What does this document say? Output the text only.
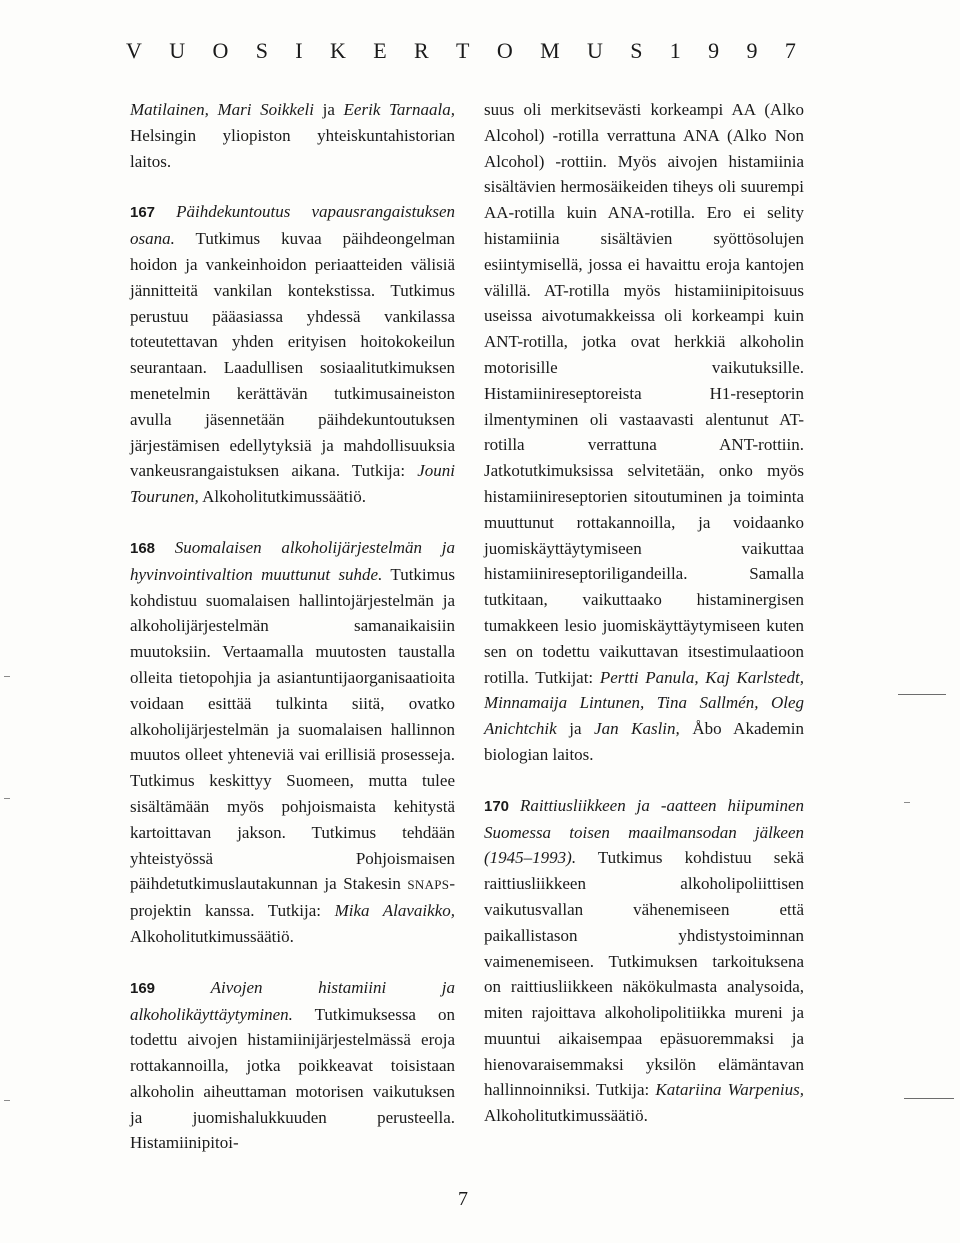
V U O S I K E R T O M U S 1 9 9 7

Matilainen, Mari Soikkeli ja Eerik Tarnaala, Helsingin yliopiston yhteiskuntahistorian laitos.

167 Päihdekuntoutus vapausrangaistuksen osana. Tutkimus kuvaa päihdeongelman hoidon ja vankeinhoidon periaatteiden välisiä jännitteitä vankilan kontekstissa. Tutkimus perustuu pääasiassa yhdessä vankilassa toteutettavan yhden erityisen hoitokokeilun seurantaan. Laadullisen sosiaalitutkimuksen menetelmin kerättävän tutkimusaineiston avulla jäsennetään päihdekuntoutuksen järjestämisen edellytyksiä ja mahdollisuuksia vankeusrangaistuksen aikana. Tutkija: Jouni Tourunen, Alkoholitutkimussäätiö.

168 Suomalaisen alkoholijärjestelmän ja hyvinvointivaltion muuttunut suhde. Tutkimus kohdistuu suomalaisen hallintojärjestelmän ja alkoholijärjestelmän samanaikaisiin muutoksiin. Vertaamalla muutosten taustalla olleita tietopohjia ja asiantuntijaorganisaatioita voidaan esittää tulkinta siitä, ovatko alkoholijärjestelmän ja suomalaisen hallinnon muutos olleet yhteneviä vai erillisiä prosesseja. Tutkimus keskittyy Suomeen, mutta tulee sisältämään myös pohjoismaista kehitystä kartoittavan jakson. Tutkimus tehdään yhteistyössä Pohjoismaisen päihdetutkimuslautakunnan ja Stakesin SNAPS-projektin kanssa. Tutkija: Mika Alavaikko, Alkoholitutkimussäätiö.

169	Aivojen histamiini ja alkoholikäyttäytyminen. Tutkimuksessa on todettu aivojen histamiinijärjestelmässä eroja rottakannoilla, jotka poikkeavat toisistaan alkoholin aiheuttaman motorisen vaikutuksen ja juomishalukkuuden perusteella. Histamiinipitoi-

suus oli merkitsevästi korkeampi AA (Alko Alcohol) -rotilla verrattuna ANA (Alko Non Alcohol) -rottiin. Myös aivojen histamiinia sisältävien hermosäikeiden tiheys oli suurempi AA-rotilla kuin ANA-rotilla. Ero ei selity histamiinia sisältävien syöttösolujen esiintymisellä, jossa ei havaittu eroja kantojen välillä. AT-rotilla myös histamiinipitoisuus useissa aivotumakkeissa oli korkeampi kuin ANT-rotilla, jotka ovat herkkiä alkoholin motorisille vaikutuksille. Histamiinireseptoreista H1-reseptorin ilmentyminen oli vastaavasti alentunut AT-rotilla verrattuna ANT-rottiin. Jatkotutkimuksissa selvitetään, onko myös histamiinireseptorien sitoutuminen ja toiminta muuttunut rottakannoilla, ja voidaanko juomiskäyttäytymiseen vaikuttaa histamiinireseptoriligandeilla. Samalla tutkitaan, vaikuttaako histaminergisen tumakkeen lesio juomiskäyttäytymiseen kuten sen on todettu vaikuttavan itsestimulaatioon rotilla. Tutkijat: Pertti Panula, Kaj Karlstedt, Minnamaija Lintunen, Tina Sallmén, Oleg Anichtchik ja Jan Kaslin, Åbo Akademin biologian laitos.

170 Raittiusliikkeen ja -aatteen hiipuminen Suomessa toisen maailmansodan jälkeen (1945–1993). Tutkimus kohdistuu sekä raittiusliikkeen alkoholipoliittisen vaikutusvallan vähenemiseen että paikallistason yhdistystoiminnan vaimenemiseen. Tutkimuksen tarkoituksena on raittiusliikkeen näkökulmasta analysoida, miten rajoittava alkoholipolitiikka mureni ja muuntui aikaisempaa epäsuoremmaksi ja hienovaraisemmaksi yksilön elämäntavan hallinnoinniksi. Tutkija: Katariina Warpenius, Alkoholitutkimussäätiö.

7
